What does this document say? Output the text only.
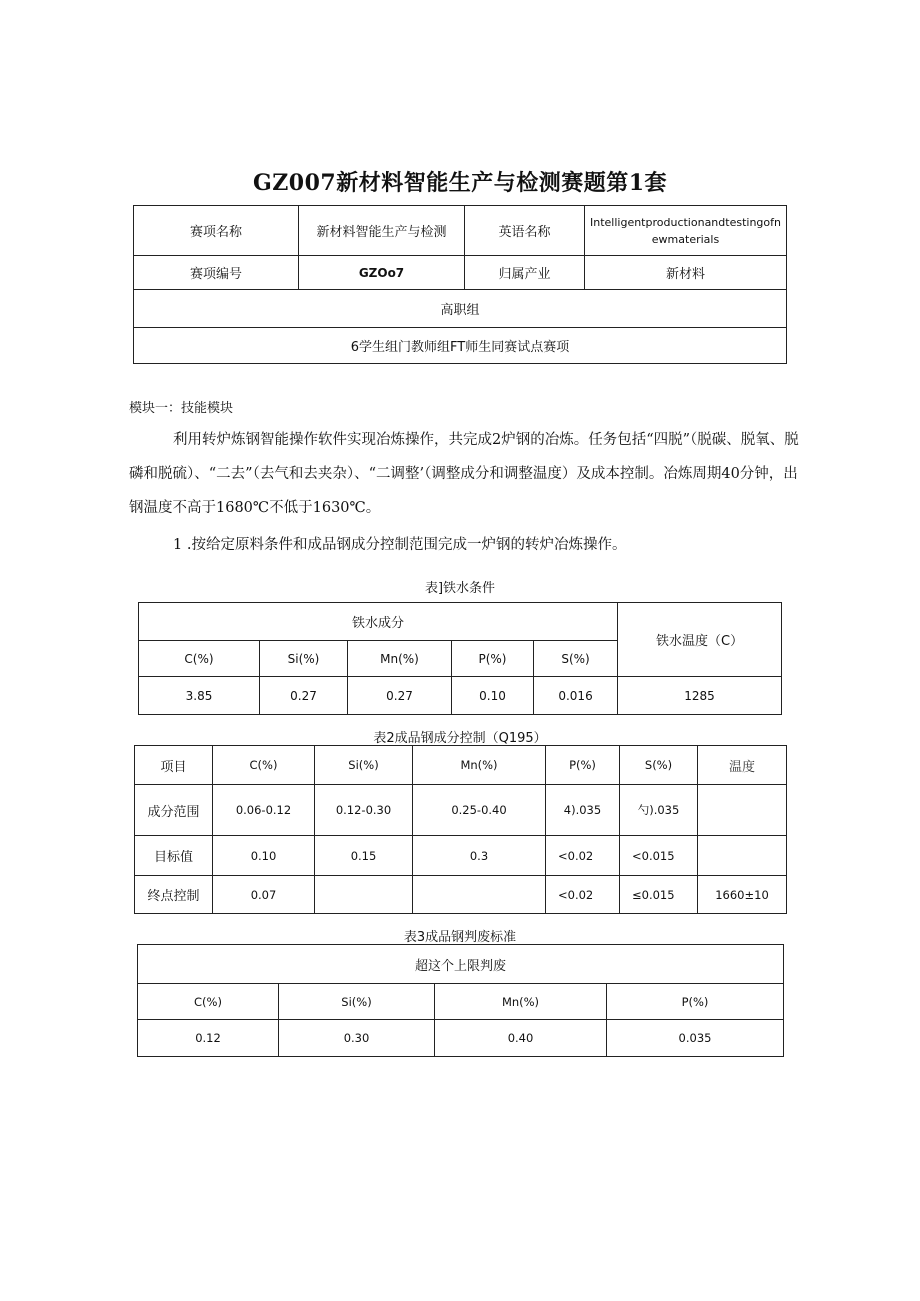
GZ007新材料智能生产与检测赛题第1套
赛项名称	新材料智能生产与检测	英语名称	Intelligentproductionandtestingofnewmaterials
赛项编号	GZOo7	归属产业	新材料
高职组			
6学生组门教师组FT师生同赛试点赛项			
模块一：技能模块
利用转炉炼钢智能操作软件实现冶炼操作，共完成2炉钢的冶炼。任务包括“四脱”（脱碳、脱氧、脱磷和脱硫）、“二去”（去气和去夹杂）、“二调整’（调整成分和调整温度）及成本控制。冶炼周期40分钟，出钢温度不高于1680℃不低于1630℃。
1 .按给定原料条件和成品钢成分控制范围完成一炉钢的转炉冶炼操作。
表]铁水条件
铁水成分					铁水温度（C）
C(%)	Si(%)	Mn(%)	P(%)	S(%)	
3.85	0.27	0.27	0.10	0.016	1285
表2成品钢成分控制（Q195）
项目	C(%)	Si(%)	Mn(%)	P(%)	S(%)	温度
成分范围	0.06-0.12	0.12-0.30	0.25-0.40	4).035	勺).035	
目标值	0.10	0.15	0.3	<0.02	<0.015	
终点控制	0.07			<0.02	≤0.015	1660±10
表3成品钢判废标准
超这个上限判废			
C(%)	Si(%)	Mn(%)	P(%)
0.12	0.30	0.40	0.035
